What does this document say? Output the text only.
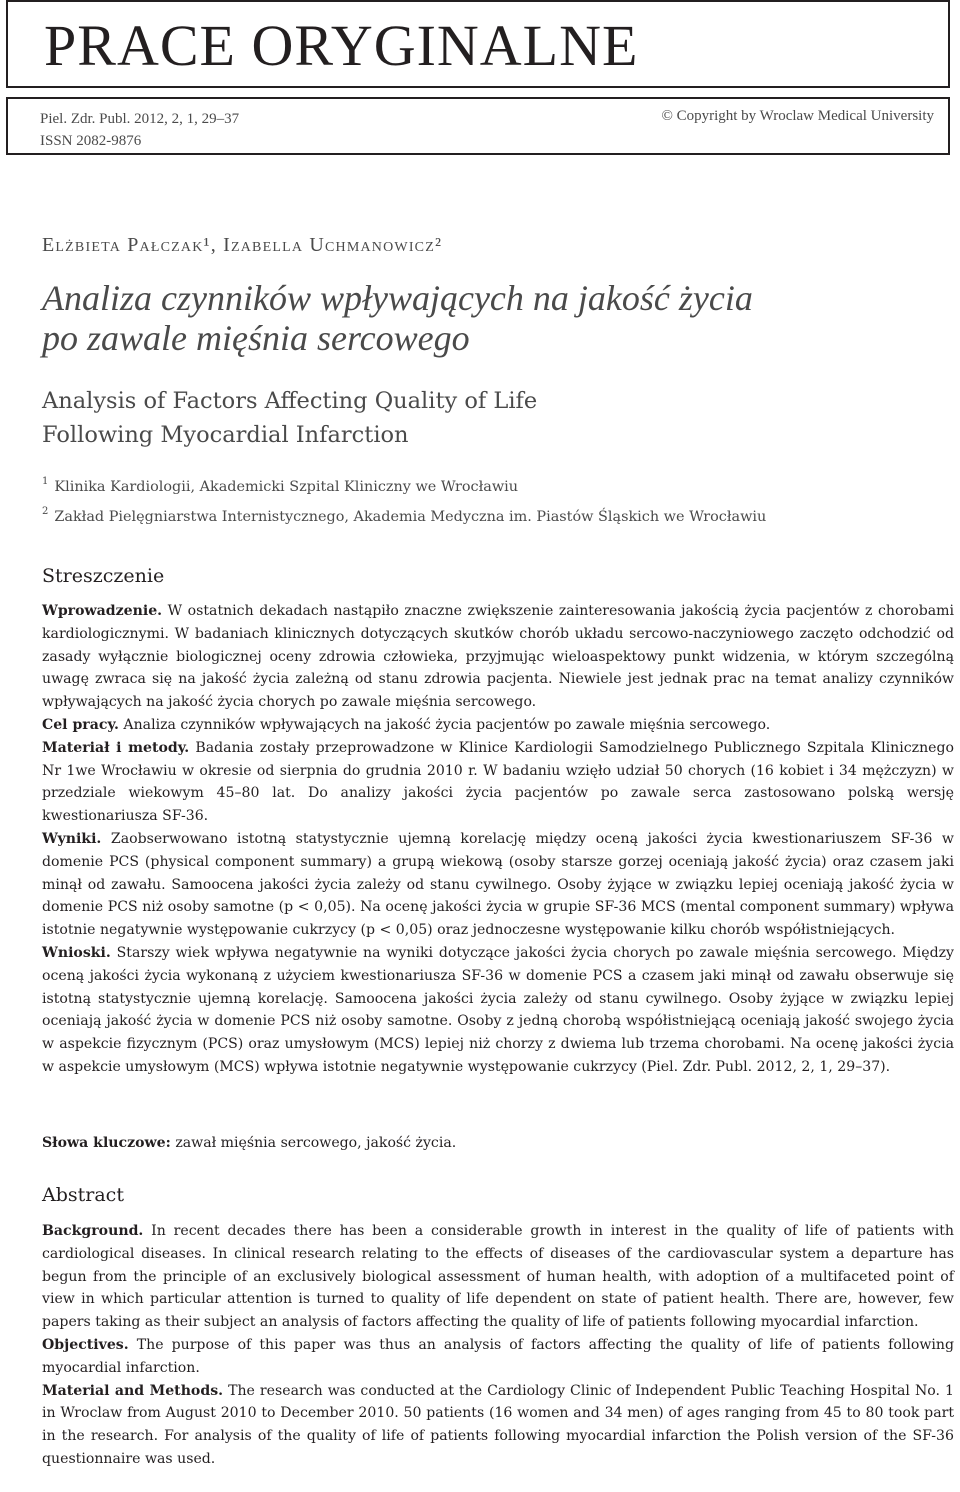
PRACE ORYGINALNE
Piel. Zdr. Publ. 2012, 2, 1, 29–37
ISSN 2082-9876
© Copyright by Wroclaw Medical University
Elżbieta Pałczak¹, Izabella Uchmanowicz²
Analiza czynników wpływających na jakość życia
po zawale mięśnia sercowego
Analysis of Factors Affecting Quality of Life
Following Myocardial Infarction
$^1$ Klinika Kardiologii, Akademicki Szpital Kliniczny we Wrocławiu
$^2$ Zakład Pielęgniarstwa Internistycznego, Akademia Medyczna im. Piastów Śląskich we Wrocławiu
Streszczenie

Wprowadzenie. W ostatnich dekadach nastąpiło znaczne zwiększenie zainteresowania jakością życia pacjentów z chorobami kardiologicznymi. W badaniach klinicznych dotyczących skutków chorób układu sercowo-naczyniowego zaczęto odchodzić od zasady wyłącznie biologicznej oceny zdrowia człowieka, przyjmując wieloaspektowy punkt widzenia, w którym szczególną uwagę zwraca się na jakość życia zależną od stanu zdrowia pacjenta. Niewiele jest jednak prac na temat analizy czynników wpływających na jakość życia chorych po zawale mięśnia sercowego.

Cel pracy. Analiza czynników wpływających na jakość życia pacjentów po zawale mięśnia sercowego.

Materiał i metody. Badania zostały przeprowadzone w Klinice Kardiologii Samodzielnego Publicznego Szpitala Klinicznego Nr 1we Wrocławiu w okresie od sierpnia do grudnia 2010 r. W badaniu wzięło udział 50 chorych (16 kobiet i 34 mężczyzn) w przedziale wiekowym 45–80 lat. Do analizy jakości życia pacjentów po zawale serca zastosowano polską wersję kwestionariusza SF-36.

Wyniki. Zaobserwowano istotną statystycznie ujemną korelację między oceną jakości życia kwestionariuszem SF-36 w domenie PCS (physical component summary) a grupą wiekową (osoby starsze gorzej oceniają jakość życia) oraz czasem jaki minął od zawału. Samoocena jakości życia zależy od stanu cywilnego. Osoby żyjące w związku lepiej oceniają jakość życia w domenie PCS niż osoby samotne (p < 0,05). Na ocenę jakości życia w grupie SF-36 MCS (mental component summary) wpływa istotnie negatywnie występowanie cukrzycy (p < 0,05) oraz jednoczesne występowanie kilku chorób współistniejących.

Wnioski. Starszy wiek wpływa negatywnie na wyniki dotyczące jakości życia chorych po zawale mięśnia sercowego. Między oceną jakości życia wykonaną z użyciem kwestionariusza SF-36 w domenie PCS a czasem jaki minął od zawału obserwuje się istotną statystycznie ujemną korelację. Samoocena jakości życia zależy od stanu cywilnego. Osoby żyjące w związku lepiej oceniają jakość życia w domenie PCS niż osoby samotne. Osoby z jedną chorobą współistniejącą oceniają jakość swojego życia w aspekcie fizycznym (PCS) oraz umysłowym (MCS) lepiej niż chorzy z dwiema lub trzema chorobami. Na ocenę jakości życia w aspekcie umysłowym (MCS) wpływa istotnie negatywnie występowanie cukrzycy (Piel. Zdr. Publ. 2012, 2, 1, 29–37).

Słowa kluczowe: zawał mięśnia sercowego, jakość życia.
Abstract

Background. In recent decades there has been a considerable growth in interest in the quality of life of patients with cardiological diseases. In clinical research relating to the effects of diseases of the cardiovascular system a departure has begun from the principle of an exclusively biological assessment of human health, with adoption of a multifaceted point of view in which particular attention is turned to quality of life dependent on state of patient health. There are, however, few papers taking as their subject an analysis of factors affecting the quality of life of patients following myocardial infarction.

Objectives. The purpose of this paper was thus an analysis of factors affecting the quality of life of patients following myocardial infarction.

Material and Methods. The research was conducted at the Cardiology Clinic of Independent Public Teaching Hospital No. 1 in Wroclaw from August 2010 to December 2010. 50 patients (16 women and 34 men) of ages ranging from 45 to 80 took part in the research. For analysis of the quality of life of patients following myocardial infarction the Polish version of the SF-36 questionnaire was used.
